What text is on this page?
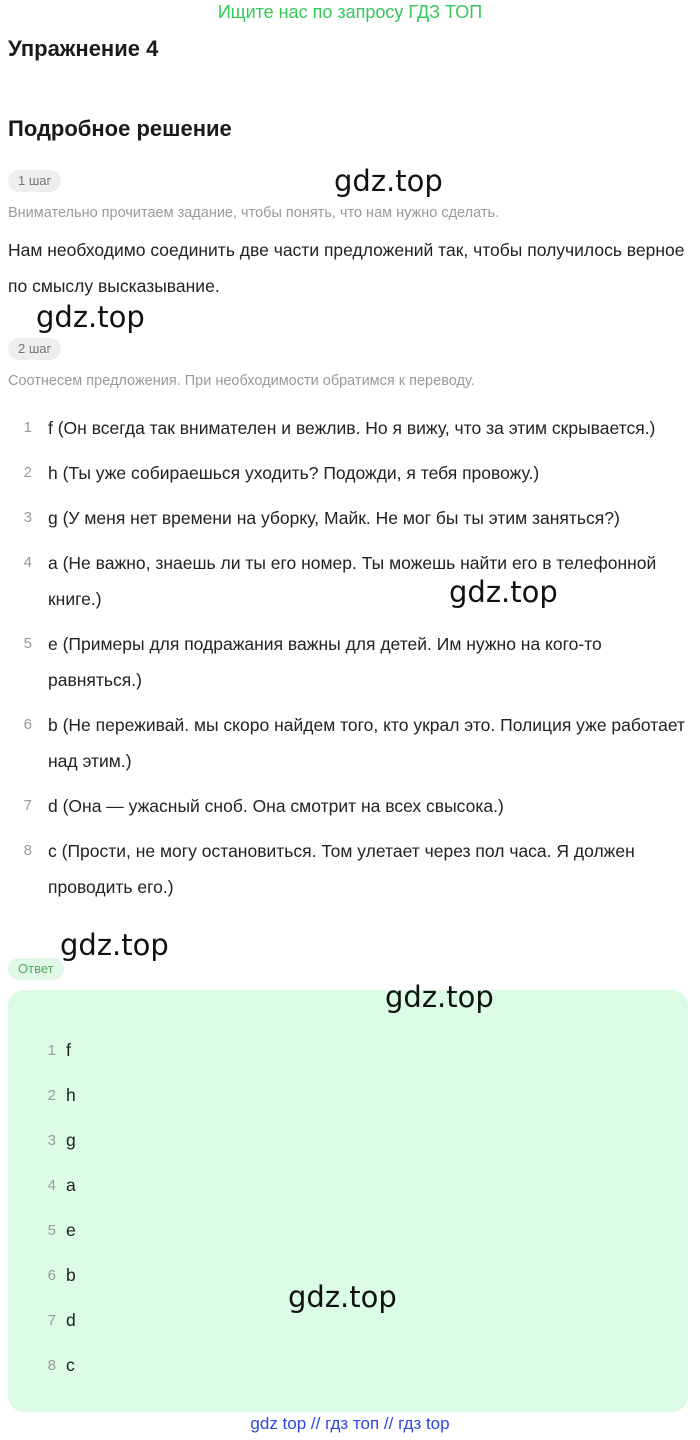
Ищите нас по запросу ГДЗ ТОП
Упражнение 4
Подробное решение
1 шаг
Внимательно прочитаем задание, чтобы понять, что нам нужно сделать.

Нам необходимо соединить две части предложений так, чтобы получилось верное по смыслу высказывание.

2 шаг
Соотнесем предложения. При необходимости обратимся к переводу.
1 f (Он всегда так внимателен и вежлив. Но я вижу, что за этим скрывается.)
2 h (Ты уже собираешься уходить? Подожди, я тебя провожу.)
3 g (У меня нет времени на уборку, Майк. Не мог бы ты этим заняться?)
4 a (Не важно, знаешь ли ты его номер. Ты можешь найти его в телефонной книге.)
5 e (Примеры для подражания важны для детей. Им нужно на кого-то равняться.)
6 b (Не переживай. мы скоро найдем того, кто украл это. Полиция уже работает над этим.)
7 d (Она — ужасный сноб. Она смотрит на всех свысока.)
8 c (Прости, не могу остановиться. Том улетает через пол часа. Я должен проводить его.)
Ответ
1 f
2 h
3 g
4 a
5 e
6 b
7 d
8 c
gdz.top
gdz.top
gdz.top
gdz.top
gdz.top
gdz.top
gdz top // гдз топ // гдз top
